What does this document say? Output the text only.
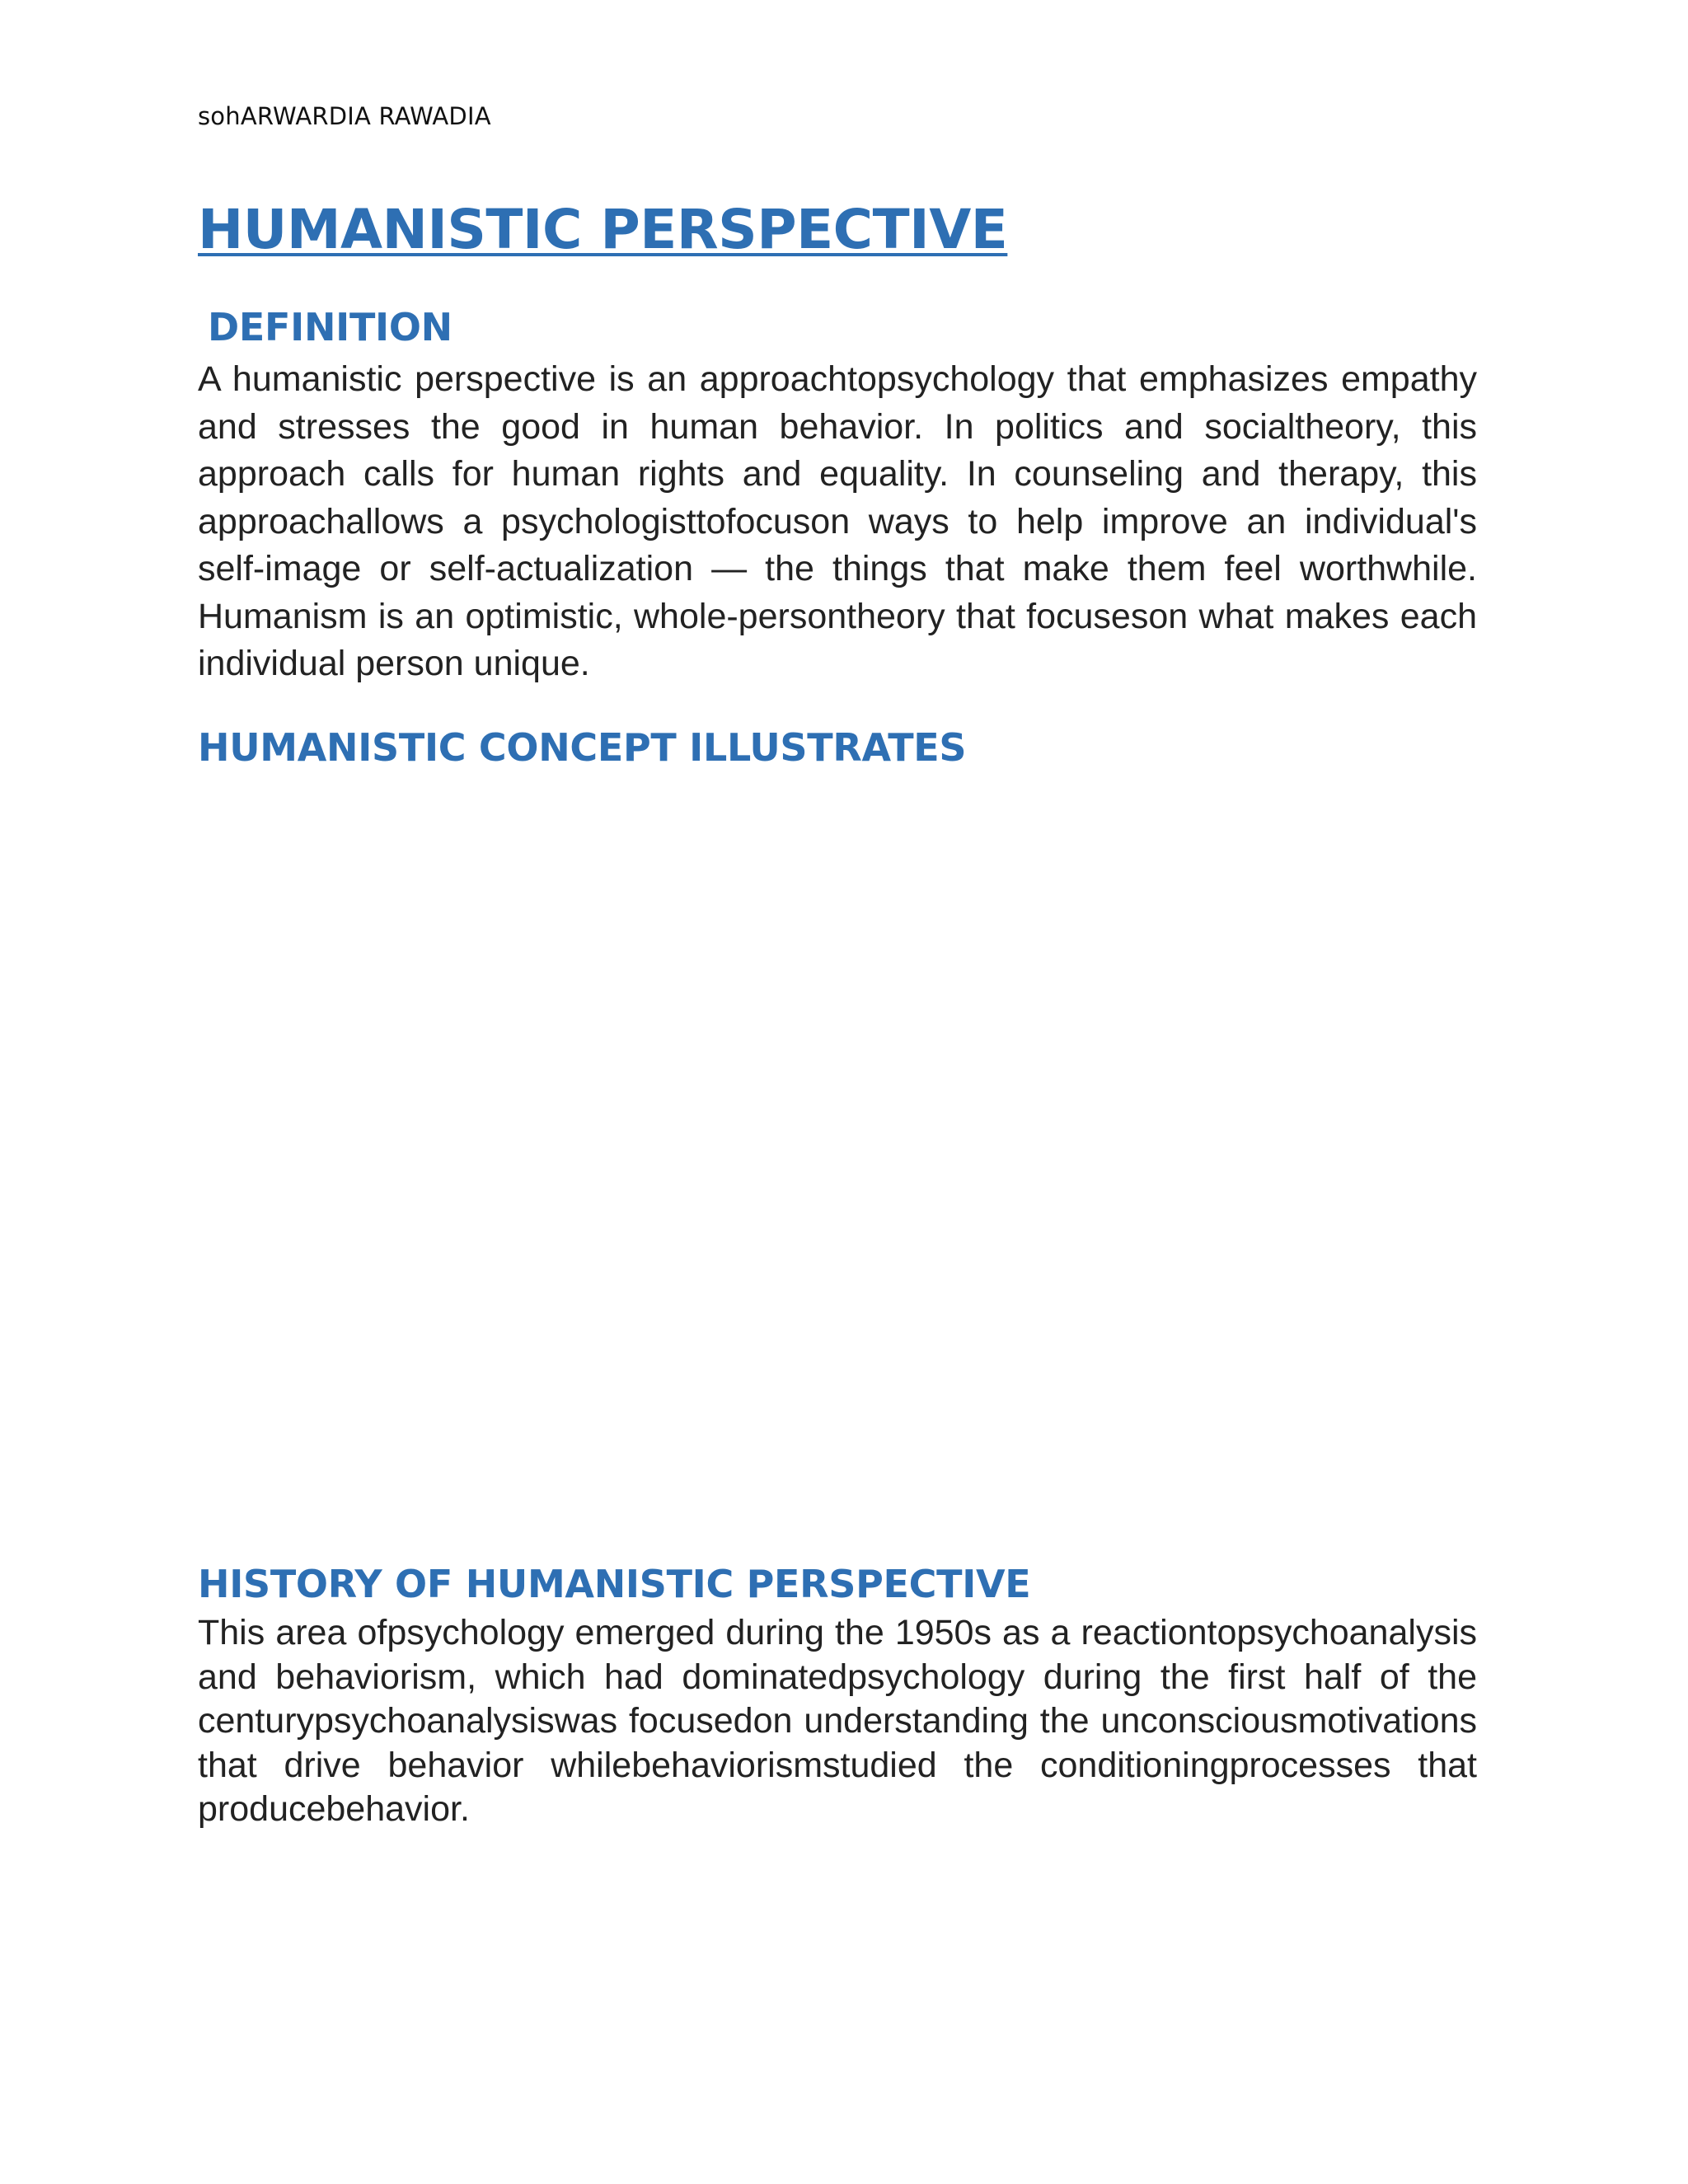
sohARWARDIA RAWADIA
HUMANISTIC PERSPECTIVE
DEFINITION

A humanistic perspective is an approachtopsychology that emphasizes empathy and stresses the good in human behavior. In politics and socialtheory, this approach calls for human rights and equality. In counseling and therapy, this approachallows a psychologisttofocuson ways to help improve an individual's self-image or self-actualization — the things that make them feel worthwhile. Humanism is an optimistic, whole-persontheory that focuseson what makes each individual person unique.

HUMANISTIC CONCEPT ILLUSTRATES
HISTORY OF HUMANISTIC PERSPECTIVE

This area ofpsychology emerged during the 1950s as a reactiontopsychoanalysis and behaviorism, which had dominatedpsychology during the first half of the centurypsychoanalysiswas focusedon understanding the unconsciousmotivations that drive behavior whilebehaviorismstudied the conditioningprocesses that producebehavior.
